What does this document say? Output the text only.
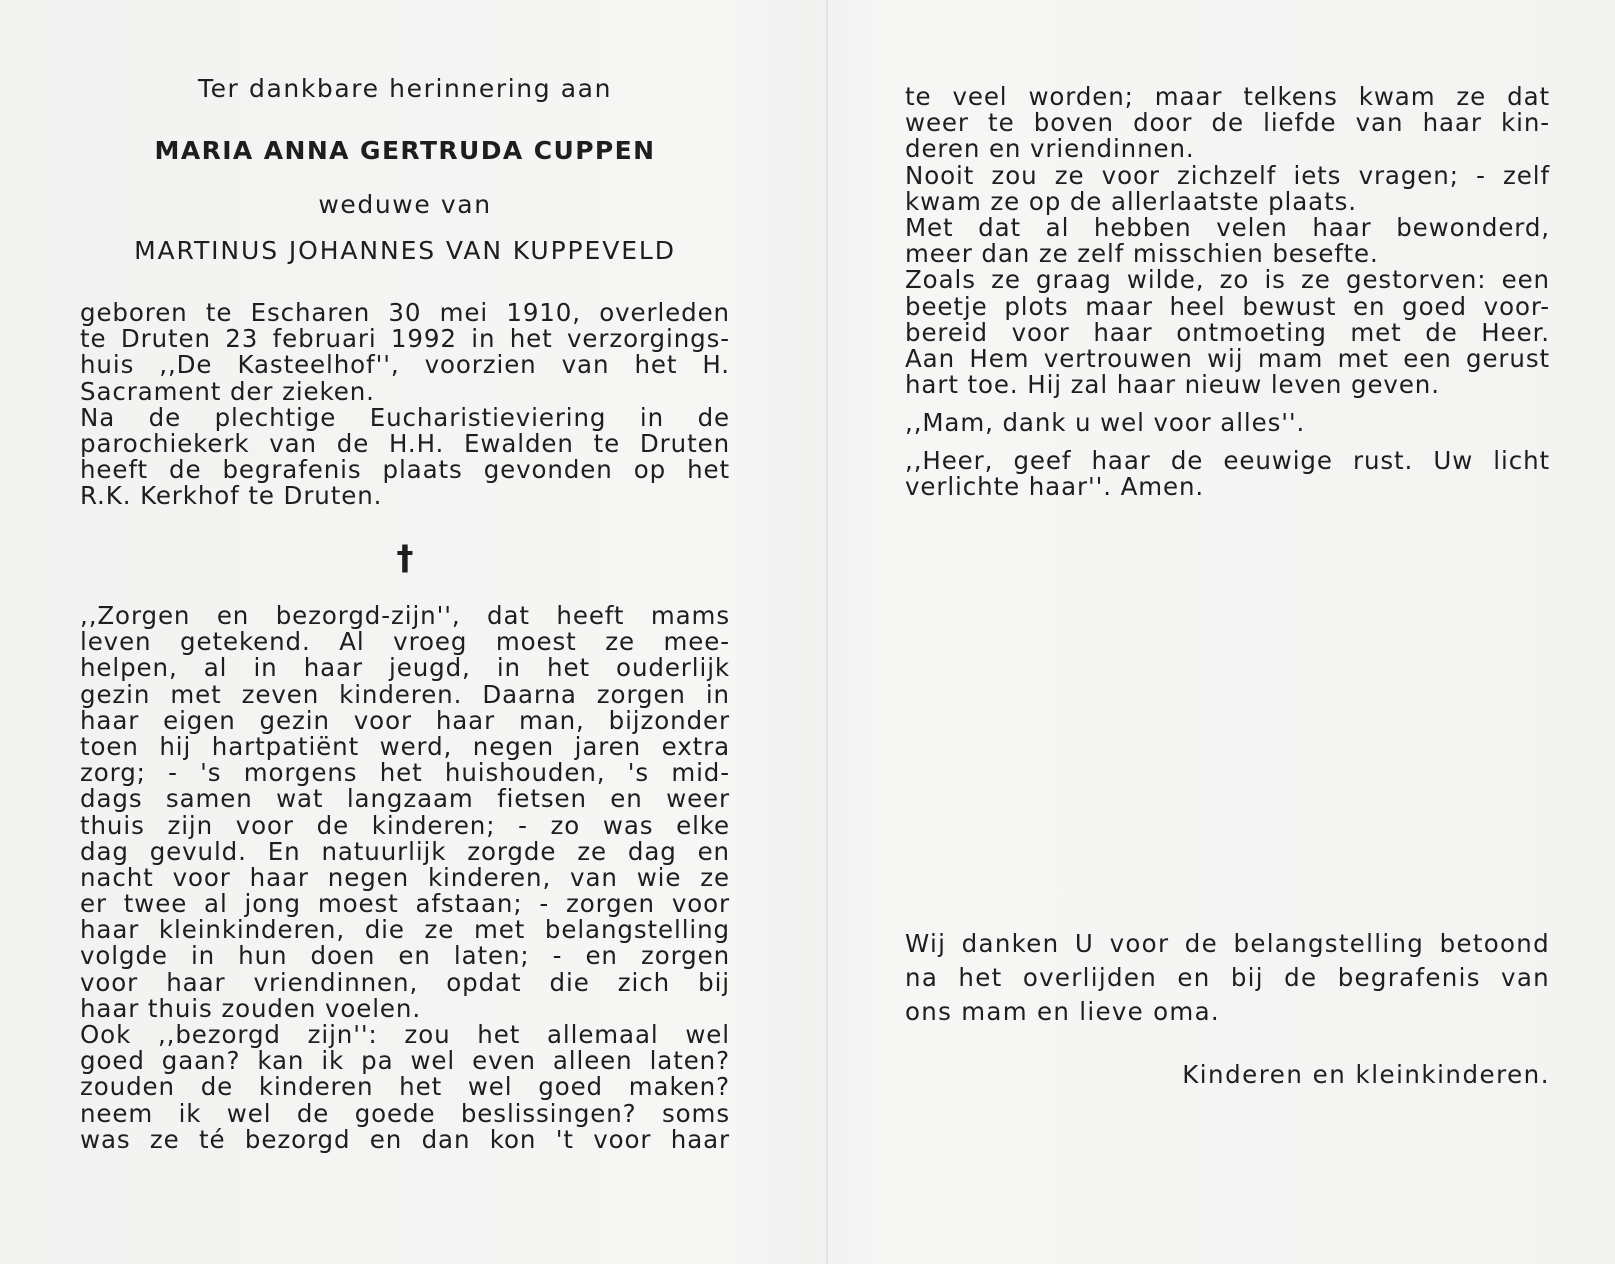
Ter dankbare herinnering aan
MARIA ANNA GERTRUDA CUPPEN
weduwe van
MARTINUS JOHANNES VAN KUPPEVELD
geboren te Escharen 30 mei 1910, overleden
te Druten 23 februari 1992 in het verzorgings-
huis ,,De Kasteelhof'', voorzien van het H.
Sacrament der zieken.
Na de plechtige Eucharistieviering in de
parochiekerk van de H.H. Ewalden te Druten
heeft de begrafenis plaats gevonden op het
R.K. Kerkhof te Druten.
†
,,Zorgen en bezorgd-zijn'', dat heeft mams
leven getekend. Al vroeg moest ze mee-
helpen, al in haar jeugd, in het ouderlijk
gezin met zeven kinderen. Daarna zorgen in
haar eigen gezin voor haar man, bijzonder
toen hij hartpatiënt werd, negen jaren extra
zorg; - 's morgens het huishouden, 's mid-
dags samen wat langzaam fietsen en weer
thuis zijn voor de kinderen; - zo was elke
dag gevuld. En natuurlijk zorgde ze dag en
nacht voor haar negen kinderen, van wie ze
er twee al jong moest afstaan; - zorgen voor
haar kleinkinderen, die ze met belangstelling
volgde in hun doen en laten; - en zorgen
voor haar vriendinnen, opdat die zich bij
haar thuis zouden voelen.
Ook ,,bezorgd zijn'': zou het allemaal wel
goed gaan? kan ik pa wel even alleen laten?
zouden de kinderen het wel goed maken?
neem ik wel de goede beslissingen? soms
was ze té bezorgd en dan kon 't voor haar
te veel worden; maar telkens kwam ze dat
weer te boven door de liefde van haar kin-
deren en vriendinnen.
Nooit zou ze voor zichzelf iets vragen; - zelf
kwam ze op de allerlaatste plaats.
Met dat al hebben velen haar bewonderd,
meer dan ze zelf misschien besefte.
Zoals ze graag wilde, zo is ze gestorven: een
beetje plots maar heel bewust en goed voor-
bereid voor haar ontmoeting met de Heer.
Aan Hem vertrouwen wij mam met een gerust
hart toe. Hij zal haar nieuw leven geven.
,,Mam, dank u wel voor alles''.
,,Heer, geef haar de eeuwige rust. Uw licht
verlichte haar''. Amen.
Wij danken U voor de belangstelling betoond
na het overlijden en bij de begrafenis van
ons mam en lieve oma.
Kinderen en kleinkinderen.
